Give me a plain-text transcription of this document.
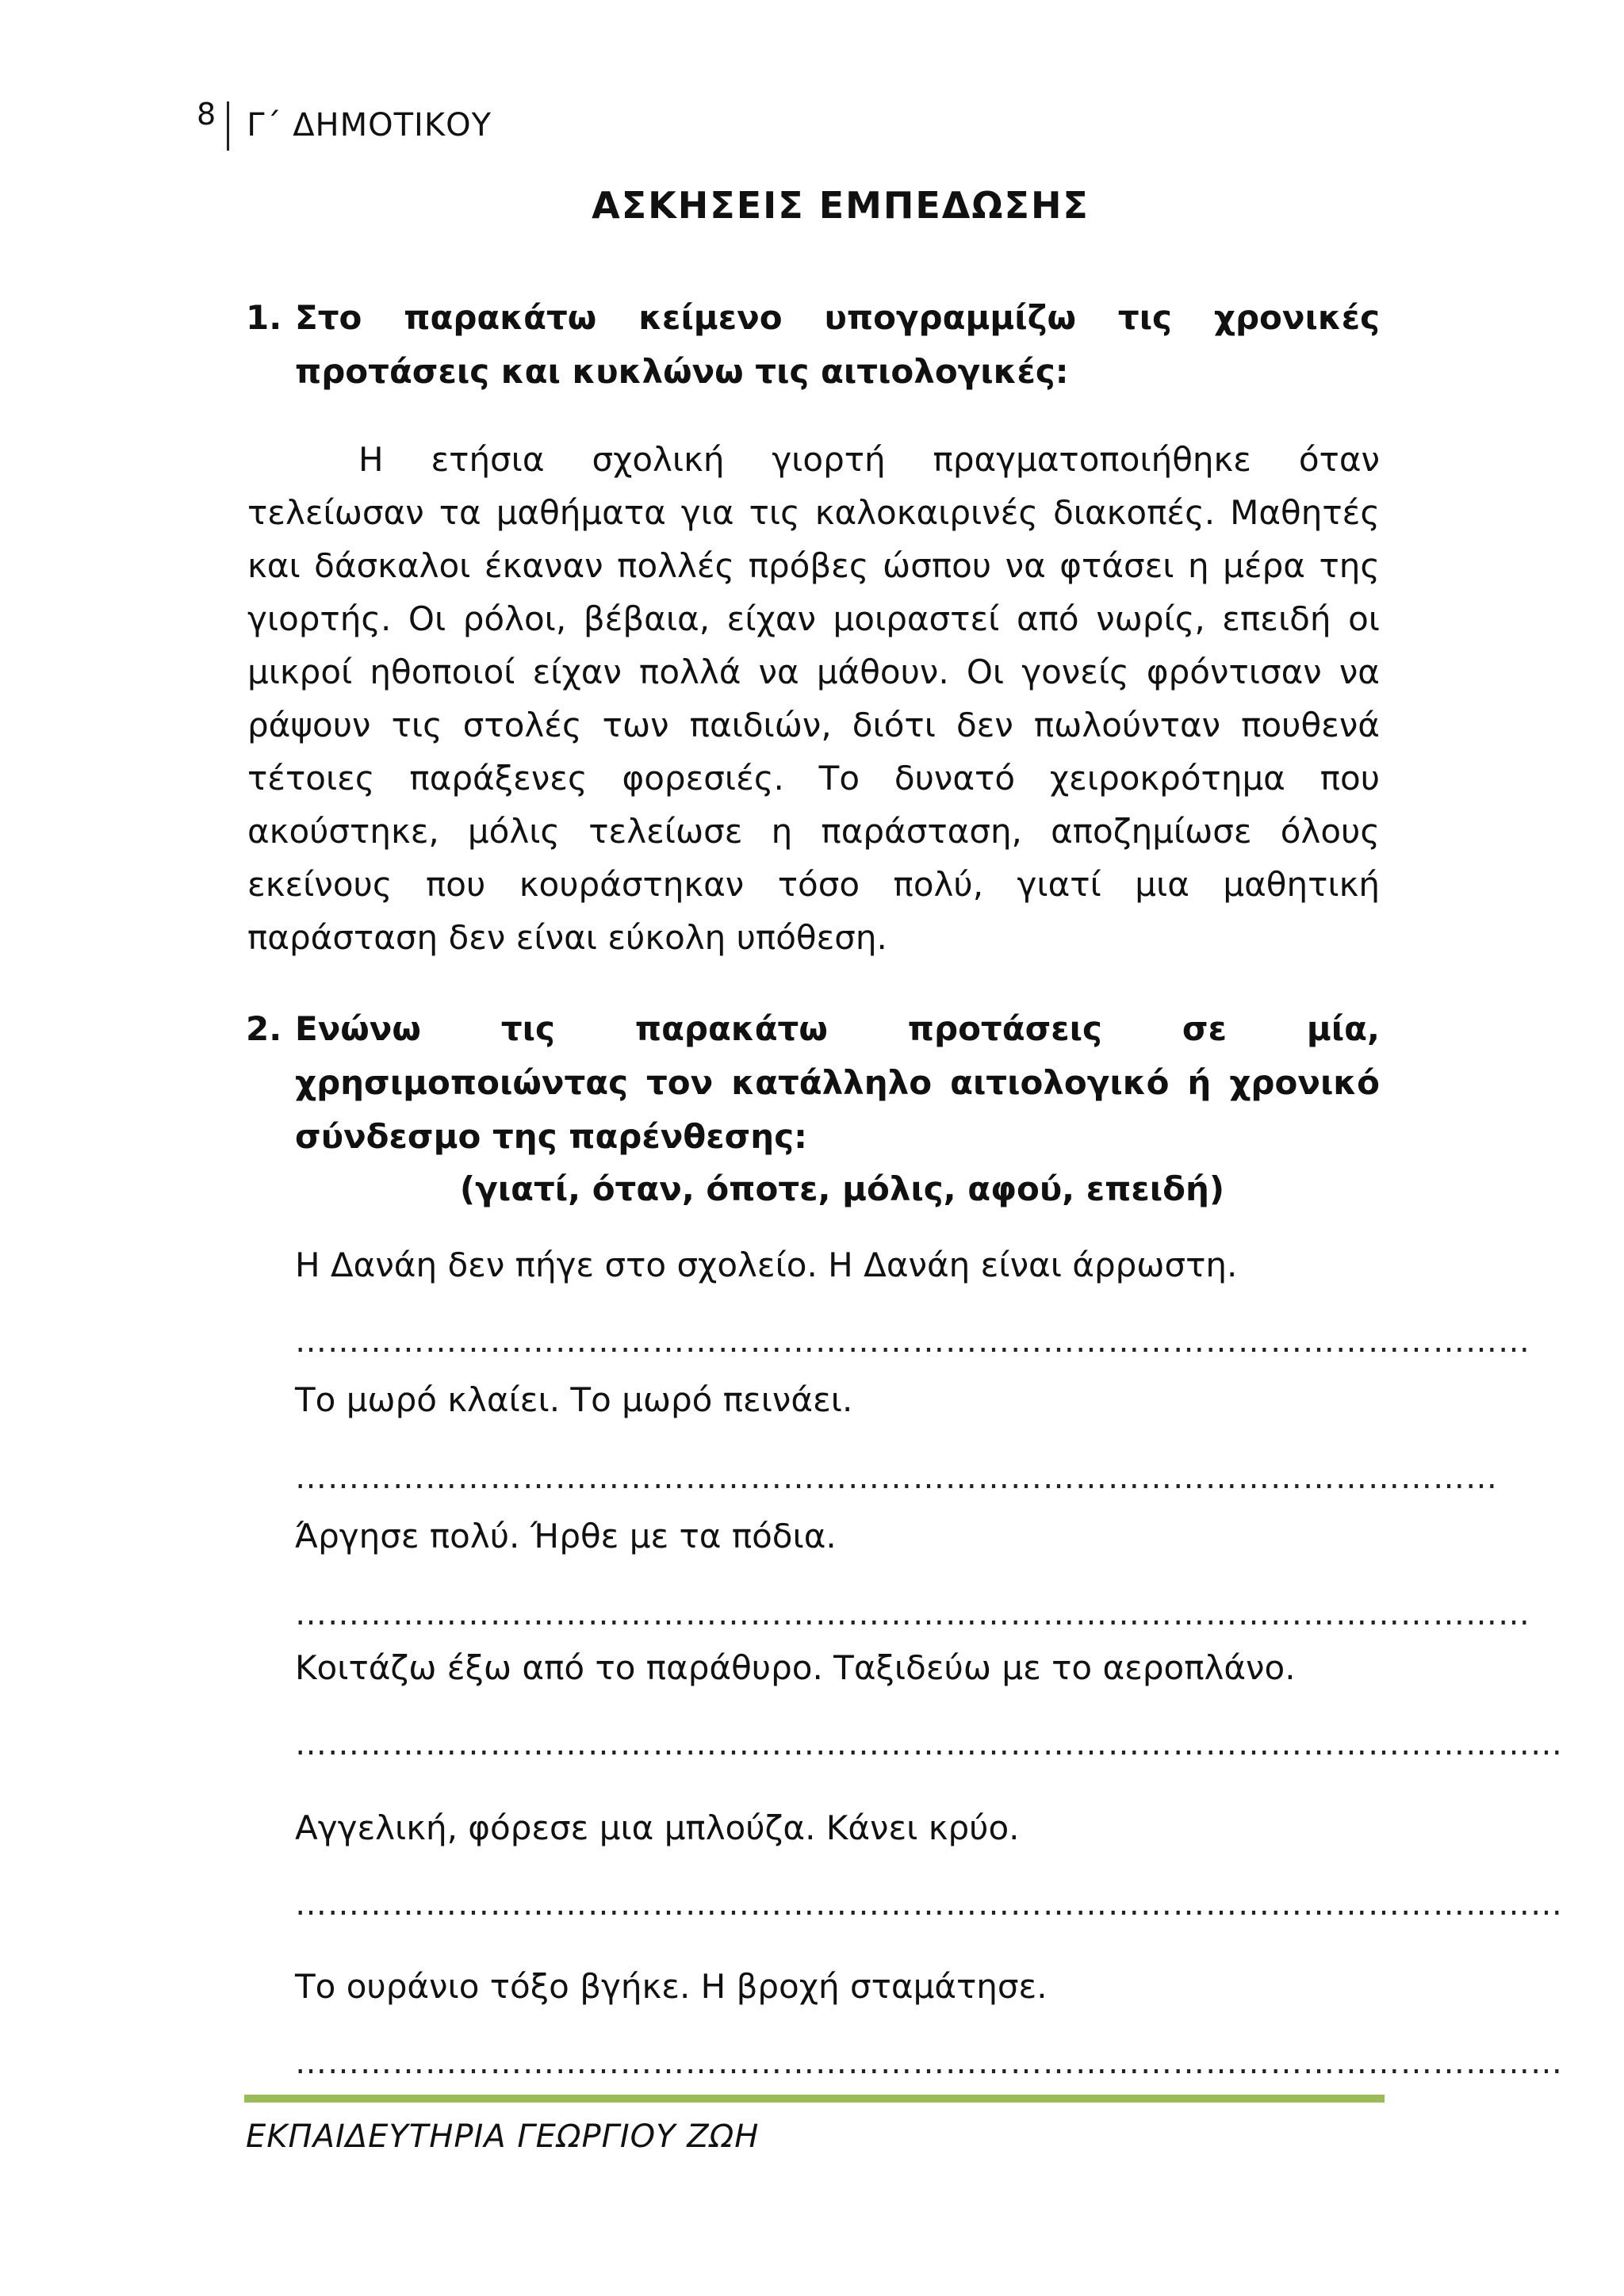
8 Γ΄ ΔΗΜΟΤΙΚΟΥ
ΑΣΚΗΣΕΙΣ ΕΜΠΕΔΩΣΗΣ
1. Στο παρακάτω κείμενο υπογραμμίζω τις χρονικές προτάσεις και κυκλώνω τις αιτιολογικές:
Η ετήσια σχολική γιορτή πραγματοποιήθηκε όταν τελείωσαν τα μαθήματα για τις καλοκαιρινές διακοπές. Μαθητές και δάσκαλοι έκαναν πολλές πρόβες ώσπου να φτάσει η μέρα της γιορτής. Οι ρόλοι, βέβαια, είχαν μοιραστεί από νωρίς, επειδή οι μικροί ηθοποιοί είχαν πολλά να μάθουν. Οι γονείς φρόντισαν να ράψουν τις στολές των παιδιών, διότι δεν πωλούνταν πουθενά τέτοιες παράξενες φορεσιές. Το δυνατό χειροκρότημα που ακούστηκε, μόλις τελείωσε η παράσταση, αποζημίωσε όλους εκείνους που κουράστηκαν τόσο πολύ, γιατί μια μαθητική παράσταση δεν είναι εύκολη υπόθεση.
2. Ενώνω τις παρακάτω προτάσεις σε μία, χρησιμοποιώντας τον κατάλληλο αιτιολογικό ή χρονικό σύνδεσμο της παρένθεσης:
(γιατί, όταν, όποτε, μόλις, αφού, επειδή)
Η Δανάη δεν πήγε στο σχολείο. Η Δανάη είναι άρρωστη.
……………………………………………………………………………………………………
Το μωρό κλαίει. Το μωρό πεινάει.
…………………………………………………………………………………………………
Άργησε πολύ. Ήρθε με τα πόδια.
……………………………………………………………………………………………………
Κοιτάζω έξω από το παράθυρο. Ταξιδεύω με το αεροπλάνο.
………………………………………………………………………………………………………
Αγγελική, φόρεσε μια μπλούζα. Κάνει κρύο.
………………………………………………………………………………………………………
Το ουράνιο τόξο βγήκε. Η βροχή σταμάτησε.
………………………………………………………………………………………………………
ΕΚΠΑΙΔΕΥΤΗΡΙΑ ΓΕΩΡΓΙΟΥ ΖΩΗ
